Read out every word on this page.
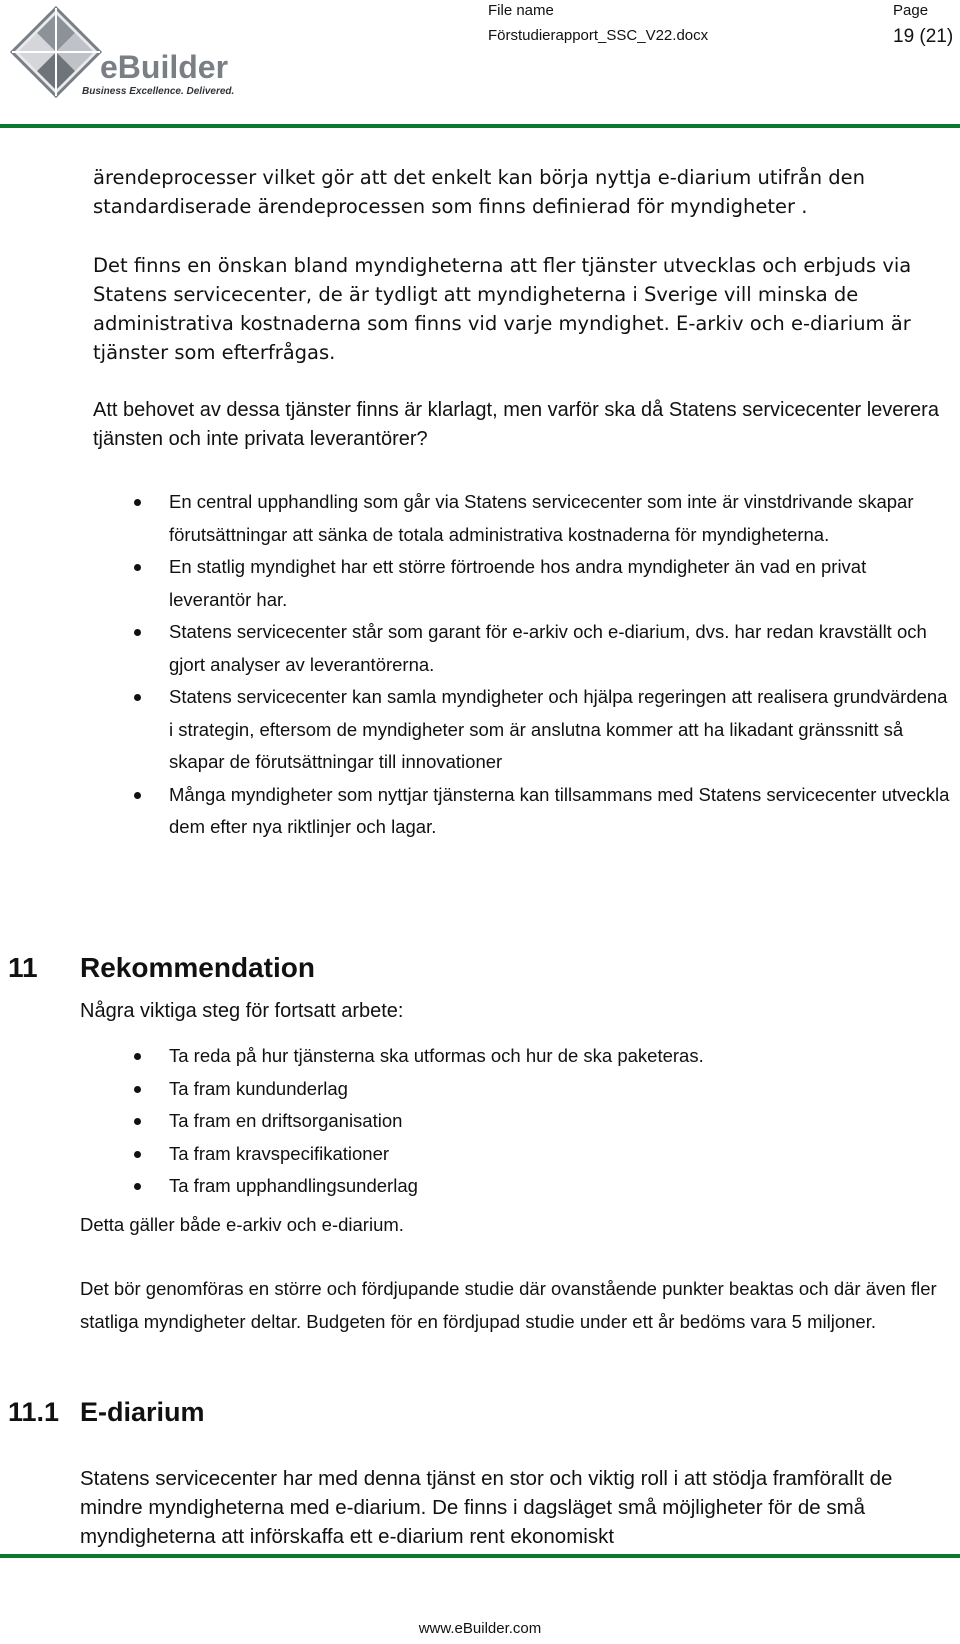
eBuilder
Business Excellence. Delivered.
File name
Förstudierapport_SSC_V22.docx
Page
19 (21)

ärendeprocesser vilket gör att det enkelt kan börja nyttja e-diarium utifrån den standardiserade ärendeprocessen som finns definierad för myndigheter .

Det finns en önskan bland myndigheterna att fler tjänster utvecklas och erbjuds via Statens servicecenter, de är tydligt att myndigheterna i Sverige vill minska de administrativa kostnaderna som finns vid varje myndighet. E-arkiv och e-diarium är tjänster som efterfrågas.

Att behovet av dessa tjänster finns är klarlagt, men varför ska då Statens servicecenter leverera tjänsten och inte privata leverantörer?

En central upphandling som går via Statens servicecenter som inte är vinstdrivande skapar förutsättningar att sänka de totala administrativa kostnaderna för myndigheterna.
En statlig myndighet har ett större förtroende hos andra myndigheter än vad en privat leverantör har.
Statens servicecenter står som garant för e-arkiv och e-diarium, dvs. har redan kravställt och gjort analyser av leverantörerna.
Statens servicecenter kan samla myndigheter och hjälpa regeringen att realisera grundvärdena i strategin, eftersom de myndigheter som är anslutna kommer att ha likadant gränssnitt så skapar de förutsättningar till innovationer
Många myndigheter som nyttjar tjänsterna kan tillsammans med Statens servicecenter utveckla dem efter nya riktlinjer och lagar.
11 Rekommendation
Några viktiga steg för fortsatt arbete:
Ta reda på hur tjänsterna ska utformas och hur de ska paketeras.
Ta fram kundunderlag
Ta fram en driftsorganisation
Ta fram kravspecifikationer
Ta fram upphandlingsunderlag

Detta gäller både e-arkiv och e-diarium.

Det bör genomföras en större och fördjupande studie där ovanstående punkter beaktas och där även fler statliga myndigheter deltar. Budgeten för en fördjupad studie under ett år bedöms vara 5 miljoner.

11.1 E-diarium

Statens servicecenter har med denna tjänst en stor och viktig roll i att stödja framförallt de mindre myndigheterna med e-diarium. De finns i dagsläget små möjligheter för de små myndigheterna att införskaffa ett e-diarium rent ekonomiskt

www.eBuilder.com
